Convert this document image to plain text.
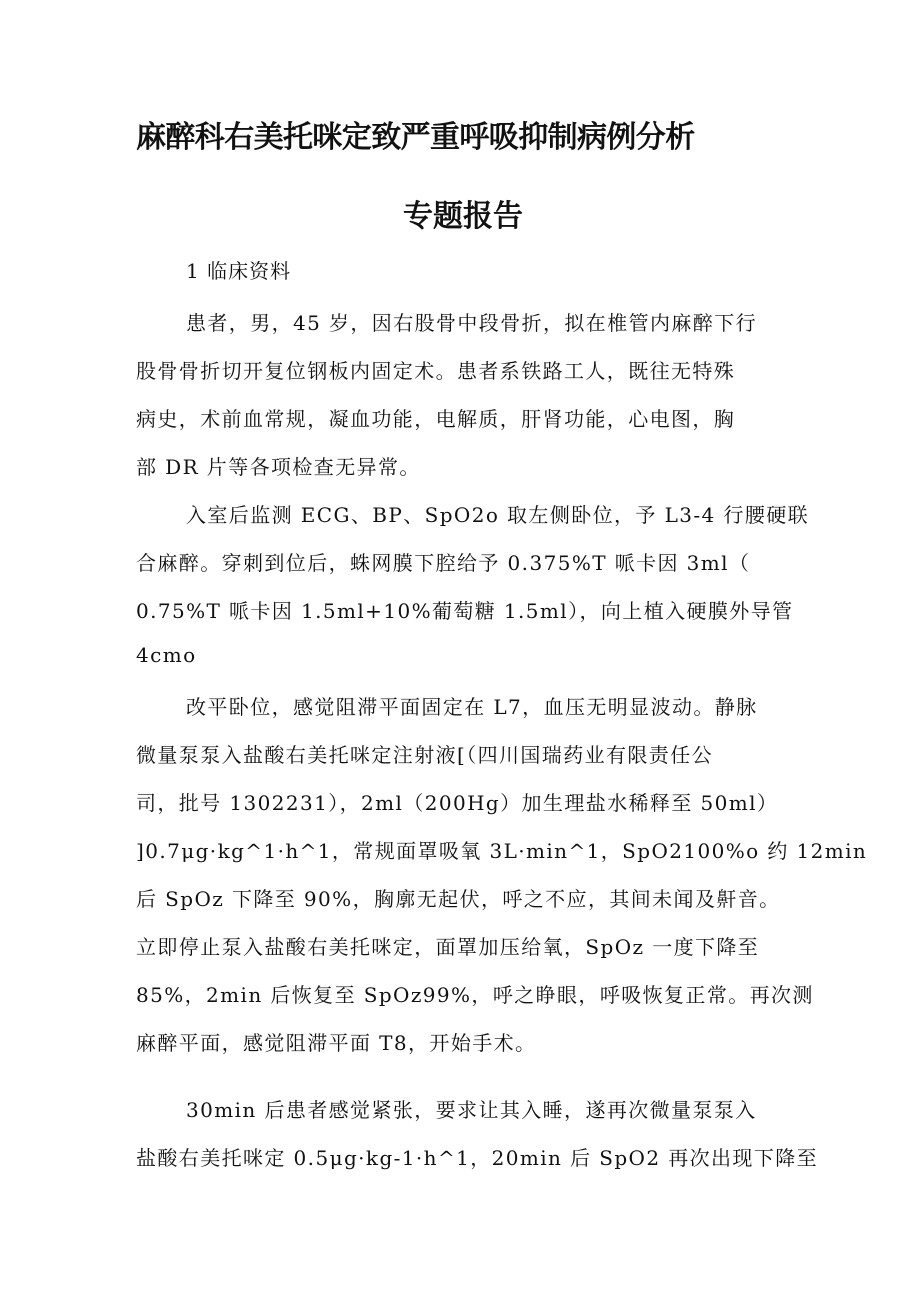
麻醉科右美托咪定致严重呼吸抑制病例分析
专题报告
1 临床资料
患者，男，45 岁，因右股骨中段骨折，拟在椎管内麻醉下行
股骨骨折切开复位钢板内固定术。患者系铁路工人，既往无特殊
病史，术前血常规，凝血功能，电解质，肝肾功能，心电图，胸
部 DR 片等各项检查无异常。
入室后监测 ECG、BP、SpO2o 取左侧卧位，予 L3-4 行腰硬联
合麻醉。穿刺到位后，蛛网膜下腔给予 0.375%T 哌卡因 3ml（
0.75%T 哌卡因 1.5ml+10%葡萄糖 1.5ml），向上植入硬膜外导管
4cmo
改平卧位，感觉阻滞平面固定在 L7，血压无明显波动。静脉
微量泵泵入盐酸右美托咪定注射液[（四川国瑞药业有限责任公
司，批号 1302231），2ml（200Hg）加生理盐水稀释至 50ml）
]0.7μg·kg^1·h^1，常规面罩吸氧 3L·min^1，SpO2100%o 约 12min
后 SpOz 下降至 90%，胸廓无起伏，呼之不应，其间未闻及鼾音。
立即停止泵入盐酸右美托咪定，面罩加压给氧，SpOz 一度下降至
85%，2min 后恢复至 SpOz99%，呼之睁眼，呼吸恢复正常。再次测
麻醉平面，感觉阻滞平面 T8，开始手术。
30min 后患者感觉紧张，要求让其入睡，遂再次微量泵泵入
盐酸右美托咪定 0.5μg·kg-1·h^1，20min 后 SpO2 再次出现下降至
